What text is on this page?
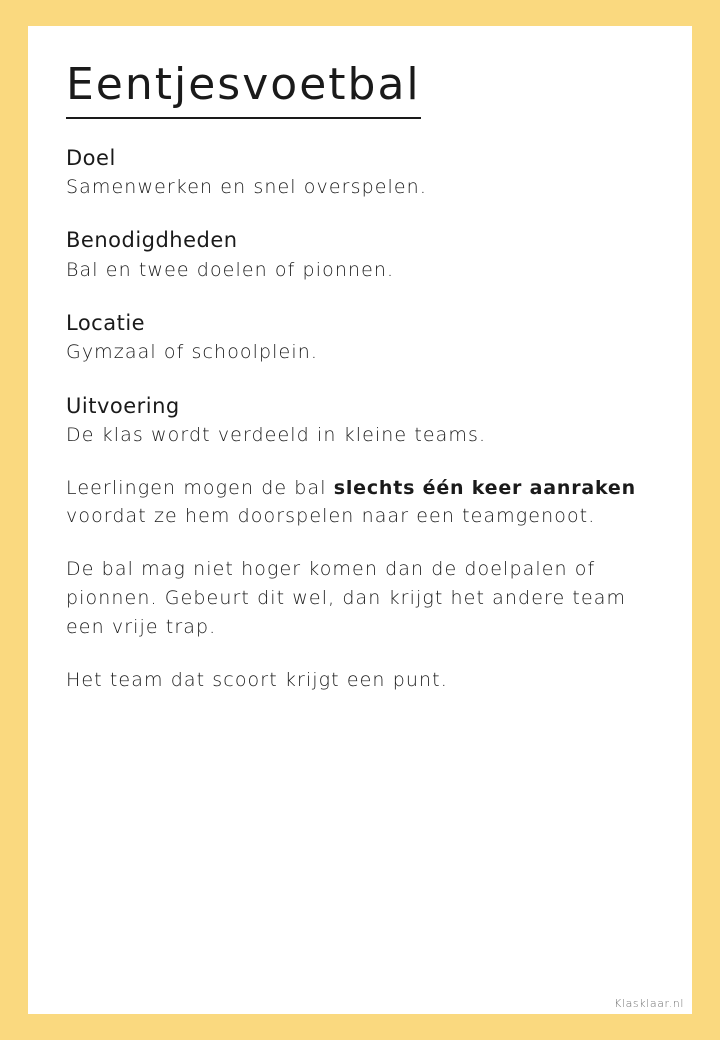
Eentjesvoetbal
Doel

Samenwerken en snel overspelen.

Benodigdheden

Bal en twee doelen of pionnen.

Locatie

Gymzaal of schoolplein.

Uitvoering

De klas wordt verdeeld in kleine teams.

Leerlingen mogen de bal slechts één keer aanraken voordat ze hem doorspelen naar een teamgenoot.

De bal mag niet hoger komen dan de doelpalen of pionnen. Gebeurt dit wel, dan krijgt het andere team een vrije trap.

Het team dat scoort krijgt een punt.

Klasklaar.nl
